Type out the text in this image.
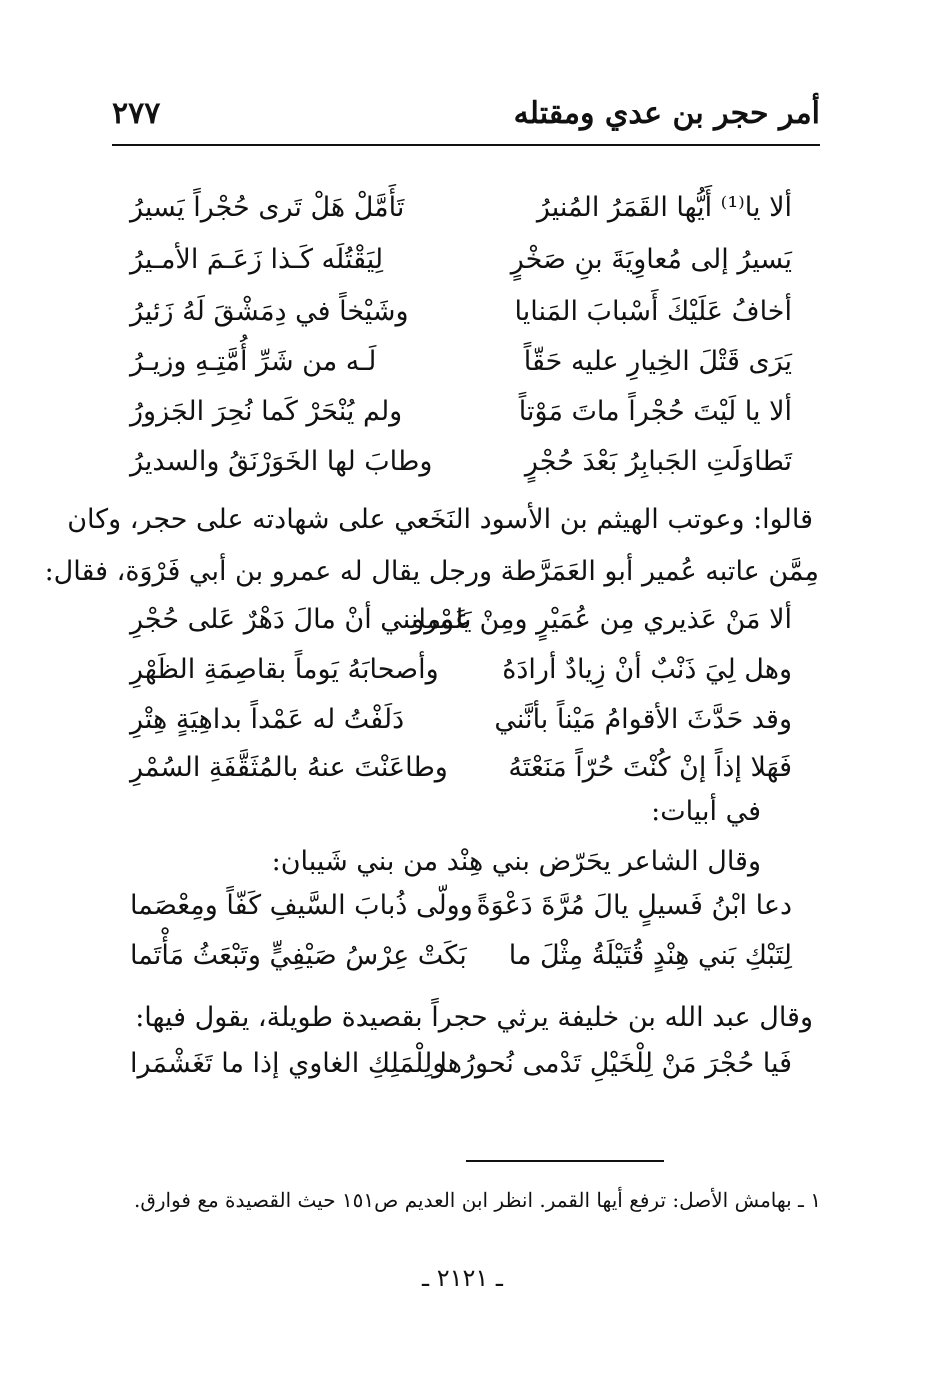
أمر حجر بن عدي ومقتله
٢٧٧
ألا يا⁽¹⁾ أَيُّها القَمَرُ المُنيرُ
تَأَمَّلْ هَلْ تَرى حُجْراً يَسيرُ
يَسيرُ إلى مُعاوِيَةَ بنِ صَخْرٍ
لِيَقْتُلَه كَـذا زَعَـمَ الأمـيرُ
أخافُ عَلَيْكَ أَسْبابَ المَنايا
وشَيْخاً في دِمَشْقَ لَهُ زَئيرُ
يَرَى قَتْلَ الخِيارِ عليه حَقّاً
لَـه من شَرِّ أُمَّتِـهِ وزيـرُ
ألا يا لَيْتَ حُجْراً ماتَ مَوْتاً
ولم يُنْحَرْ كَما نُحِرَ الجَزورُ
تَطاوَلَتِ الجَبابِرُ بَعْدَ حُجْرٍ
وطابَ لها الخَوَرْنَقُ والسديرُ
قالوا: وعوتب الهيثم بن الأسود النَخَعي على شهادته على حجر، وكان
مِمَّن عاتبه عُمير أبو العَمَرَّطة ورجل يقال له عمرو بن أبي فَرْوَة، فقال:
ألا مَنْ عَذيري مِن عُمَيْرٍ ومِنْ عَمْرو
يَلومانِني أنْ مالَ دَهْرٌ عَلى حُجْرِ
وهل لِيَ ذَنْبٌ أنْ زِيادٌ أرادَهُ
وأصحابَهُ يَوماً بقاصِمَةِ الظَهْرِ
وقد حَدَّثَ الأقوامُ مَيْناً بأنَّني
دَلَفْتُ له عَمْداً بداهِيَةٍ هِتْرِ
فَهَلا إذاً إنْ كُنْتَ حُرّاً مَنَعْتَهُ
وطاعَنْتَ عنهُ بالمُثَقَّفَةِ السُمْرِ
في أبيات:
وقال الشاعر يحَرّض بني هِنْد من بني شَيبان:
دعا ابْنُ فَسيلٍ يالَ مُرَّةَ دَعْوَةً
وولّى ذُبابَ السَّيفِ كَفّاً ومِعْصَما
لِتَبْكِ بَني هِنْدٍ قُتَيْلَةُ مِثْلَ ما
بَكَتْ عِرْسُ صَيْفِيٍّ وتَبْعَثُ مَأْتَما
وقال عبد الله بن خليفة يرثي حجراً بقصيدة طويلة، يقول فيها:
فَيا حُجْرَ مَنْ لِلْخَيْلِ تَدْمى نُحورُها
ولِلْمَلِكِ الغاوي إذا ما تَغَشْمَرا
١ ـ بهامش الأصل: ترفع أيها القمر. انظر ابن العديم ص١٥١ حيث القصيدة مع فوارق.
ـ ٢١٢١ ـ
